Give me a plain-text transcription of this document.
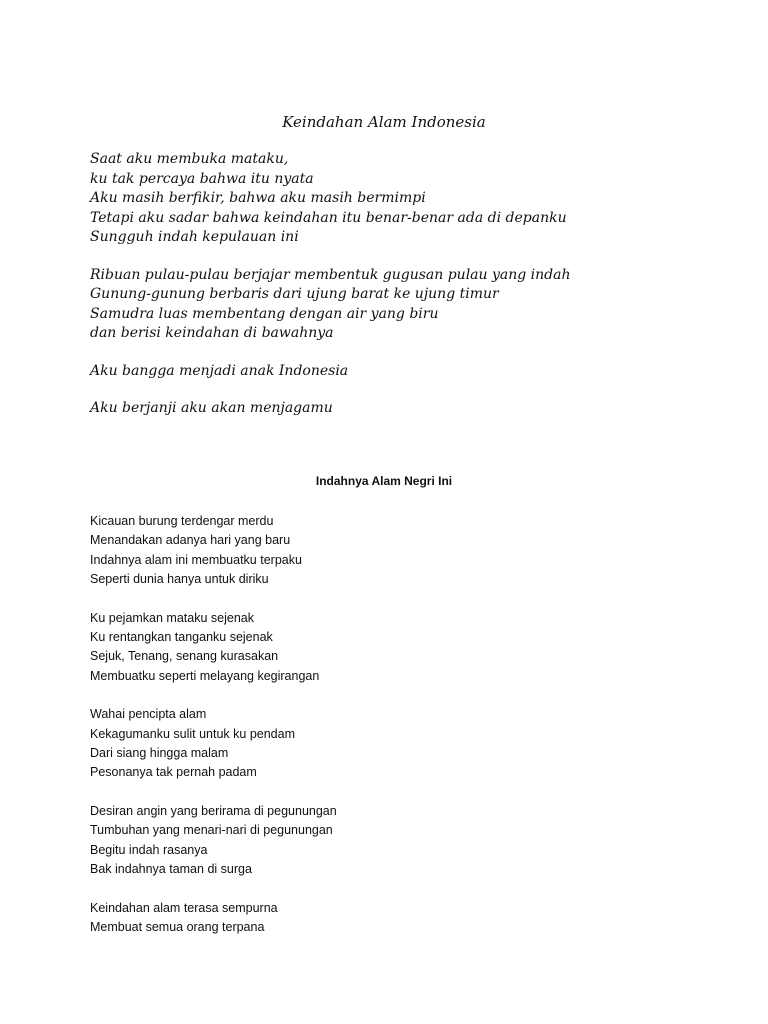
Keindahan Alam Indonesia
Saat aku membuka mataku,
ku tak percaya bahwa itu nyata
Aku masih berfikir, bahwa aku masih bermimpi
Tetapi aku sadar bahwa keindahan itu benar-benar ada di depanku
Sungguh indah kepulauan ini
Ribuan pulau-pulau berjajar membentuk gugusan pulau yang indah
Gunung-gunung berbaris dari ujung barat ke ujung timur
Samudra luas membentang dengan air yang biru
dan berisi keindahan di bawahnya
Aku bangga menjadi anak Indonesia
Aku berjanji aku akan menjagamu
Indahnya Alam Negri Ini
Kicauan burung terdengar merdu
Menandakan adanya hari yang baru
Indahnya alam ini membuatku terpaku
Seperti dunia hanya untuk diriku
Ku pejamkan mataku sejenak
Ku rentangkan tanganku sejenak
Sejuk, Tenang, senang kurasakan
Membuatku seperti melayang kegirangan
Wahai pencipta alam
Kekagumanku sulit untuk ku pendam
Dari siang hingga malam
Pesonanya tak pernah padam
Desiran angin yang berirama di pegunungan
Tumbuhan yang menari-nari di pegunungan
Begitu indah rasanya
Bak indahnya taman di surga
Keindahan alam terasa sempurna
Membuat semua orang terpana
